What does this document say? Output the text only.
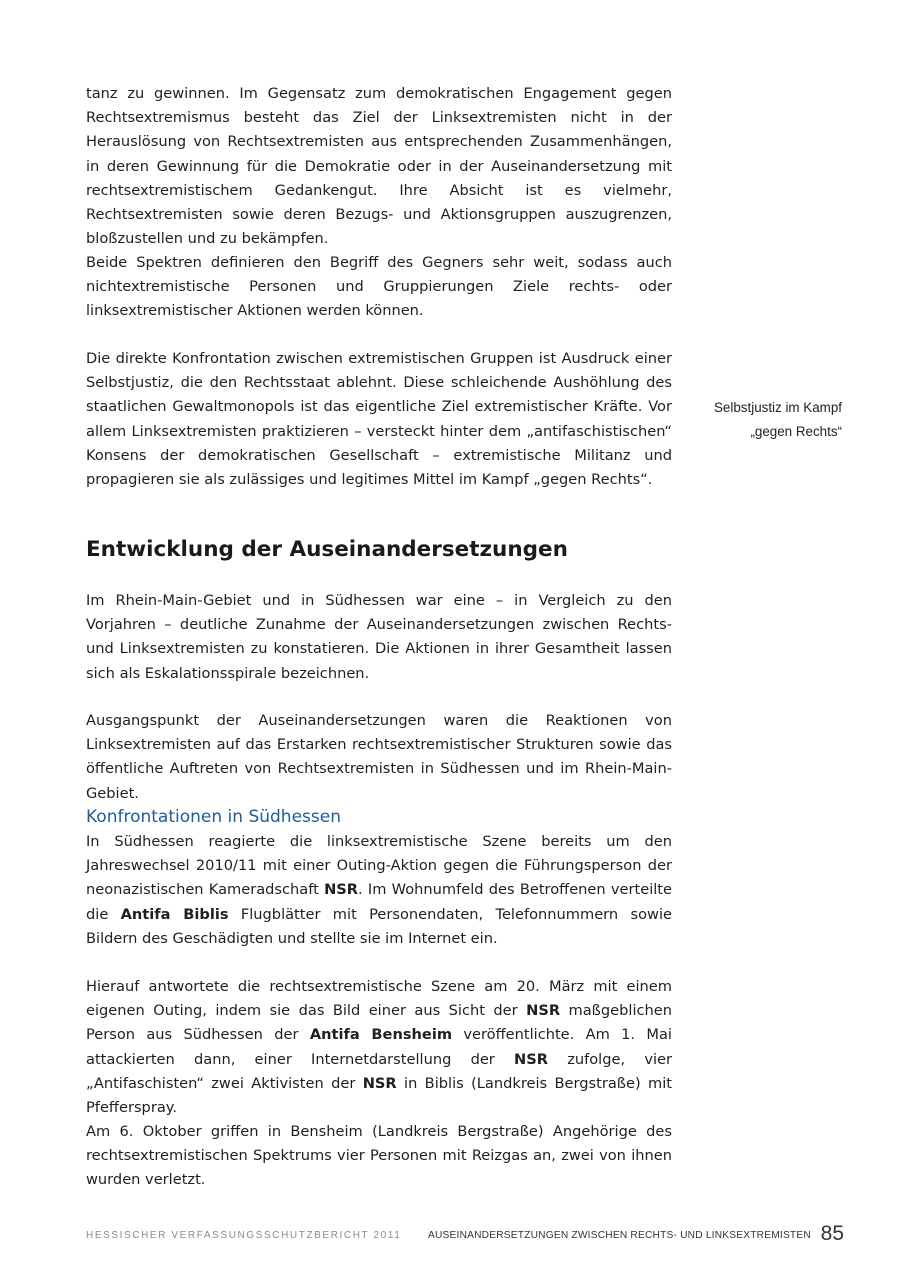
tanz zu gewinnen. Im Gegensatz zum demokratischen Engagement gegen Rechtsextremismus besteht das Ziel der Linksextremisten nicht in der Herauslösung von Rechtsextremisten aus entsprechenden Zusammenhängen, in deren Gewinnung für die Demokratie oder in der Auseinandersetzung mit rechtsextremistischem Gedankengut. Ihre Absicht ist es vielmehr, Rechtsextremisten sowie deren Bezugs- und Aktionsgruppen auszugrenzen, bloßzustellen und zu bekämpfen.

Beide Spektren definieren den Begriff des Gegners sehr weit, sodass auch nichtextremistische Personen und Gruppierungen Ziele rechts- oder linksextremistischer Aktionen werden können.

Die direkte Konfrontation zwischen extremistischen Gruppen ist Ausdruck einer Selbstjustiz, die den Rechtsstaat ablehnt. Diese schleichende Aushöhlung des staatlichen Gewaltmonopols ist das eigentliche Ziel extremistischer Kräfte. Vor allem Linksextremisten praktizieren – versteckt hinter dem „antifaschistischen“ Konsens der demokratischen Gesellschaft – extremistische Militanz und propagieren sie als zulässiges und legitimes Mittel im Kampf „gegen Rechts“.

Selbstjustiz im Kampf
„gegen Rechts“
Entwicklung der Auseinandersetzungen

Im Rhein-Main-Gebiet und in Südhessen war eine – in Vergleich zu den Vorjahren – deutliche Zunahme der Auseinandersetzungen zwischen Rechts- und Linksextremisten zu konstatieren. Die Aktionen in ihrer Gesamtheit lassen sich als Eskalationsspirale bezeichnen.

Ausgangspunkt der Auseinandersetzungen waren die Reaktionen von Linksextremisten auf das Erstarken rechtsextremistischer Strukturen sowie das öffentliche Auftreten von Rechtsextremisten in Südhessen und im Rhein-Main-Gebiet.

Konfrontationen in Südhessen

In Südhessen reagierte die linksextremistische Szene bereits um den Jahreswechsel 2010/11 mit einer Outing-Aktion gegen die Führungsperson der neonazistischen Kameradschaft NSR. Im Wohnumfeld des Betroffenen verteilte die Antifa Biblis Flugblätter mit Personendaten, Telefonnummern sowie Bildern des Geschädigten und stellte sie im Internet ein.

Hierauf antwortete die rechtsextremistische Szene am 20. März mit einem eigenen Outing, indem sie das Bild einer aus Sicht der NSR maßgeblichen Person aus Südhessen der Antifa Bensheim veröffentlichte. Am 1. Mai attackierten dann, einer Internetdarstellung der NSR zufolge, vier „Antifaschisten“ zwei Aktivisten der NSR in Biblis (Landkreis Bergstraße) mit Pfefferspray.

Am 6. Oktober griffen in Bensheim (Landkreis Bergstraße) Angehörige des rechtsextremistischen Spektrums vier Personen mit Reizgas an, zwei von ihnen wurden verletzt.

HESSISCHER VERFASSUNGSSCHUTZBERICHT 2011	AUSEINANDERSETZUNGEN ZWISCHEN RECHTS- UND LINKSEXTREMISTEN 85
